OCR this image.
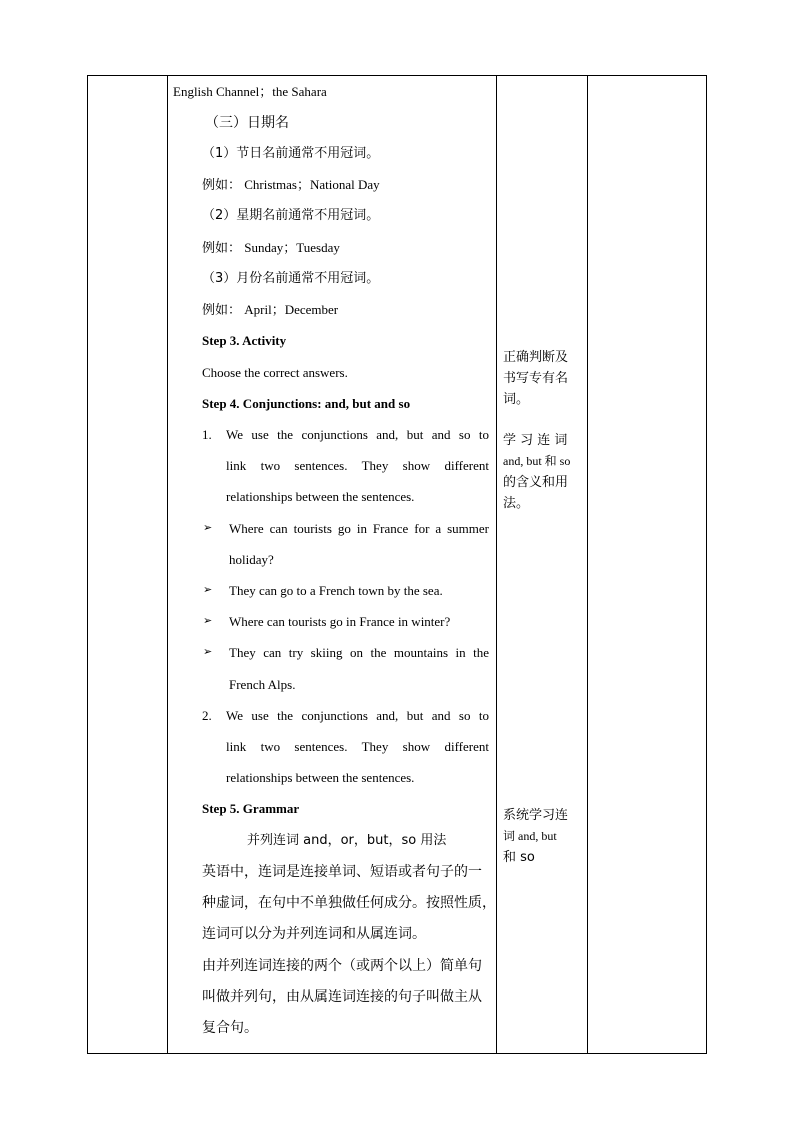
English Channel；the Sahara
（三）日期名
（1）节日名前通常不用冠词。
例如： Christmas；National Day
（2）星期名前通常不用冠词。
例如： Sunday；Tuesday
（3）月份名前通常不用冠词。
例如： April；December
Step 3. Activity
Choose the correct answers.
Step 4. Conjunctions: and, but and so
1. We use the conjunctions and, but and so to
link two sentences. They show different
relationships between the sentences.
➢ Where can tourists go in France for a summer
holiday?
➢ They can go to a French town by the sea.
➢ Where can tourists go in France in winter?
➢ They can try skiing on the mountains in the
French Alps.
2. We use the conjunctions and, but and so to
link two sentences. They show different
relationships between the sentences.
Step 5. Grammar
并列连词 and，or，but，so 用法
英语中，连词是连接单词、短语或者句子的一
种虚词，在句中不单独做任何成分。按照性质，
连词可以分为并列连词和从属连词。
由并列连词连接的两个（或两个以上）简单句
叫做并列句，由从属连词连接的句子叫做主从
复合句。
正确判断及
书写专有名
词。
学 习 连 词
and, but 和 so
的含义和用
法。
系统学习连
词 and, but
和 so
